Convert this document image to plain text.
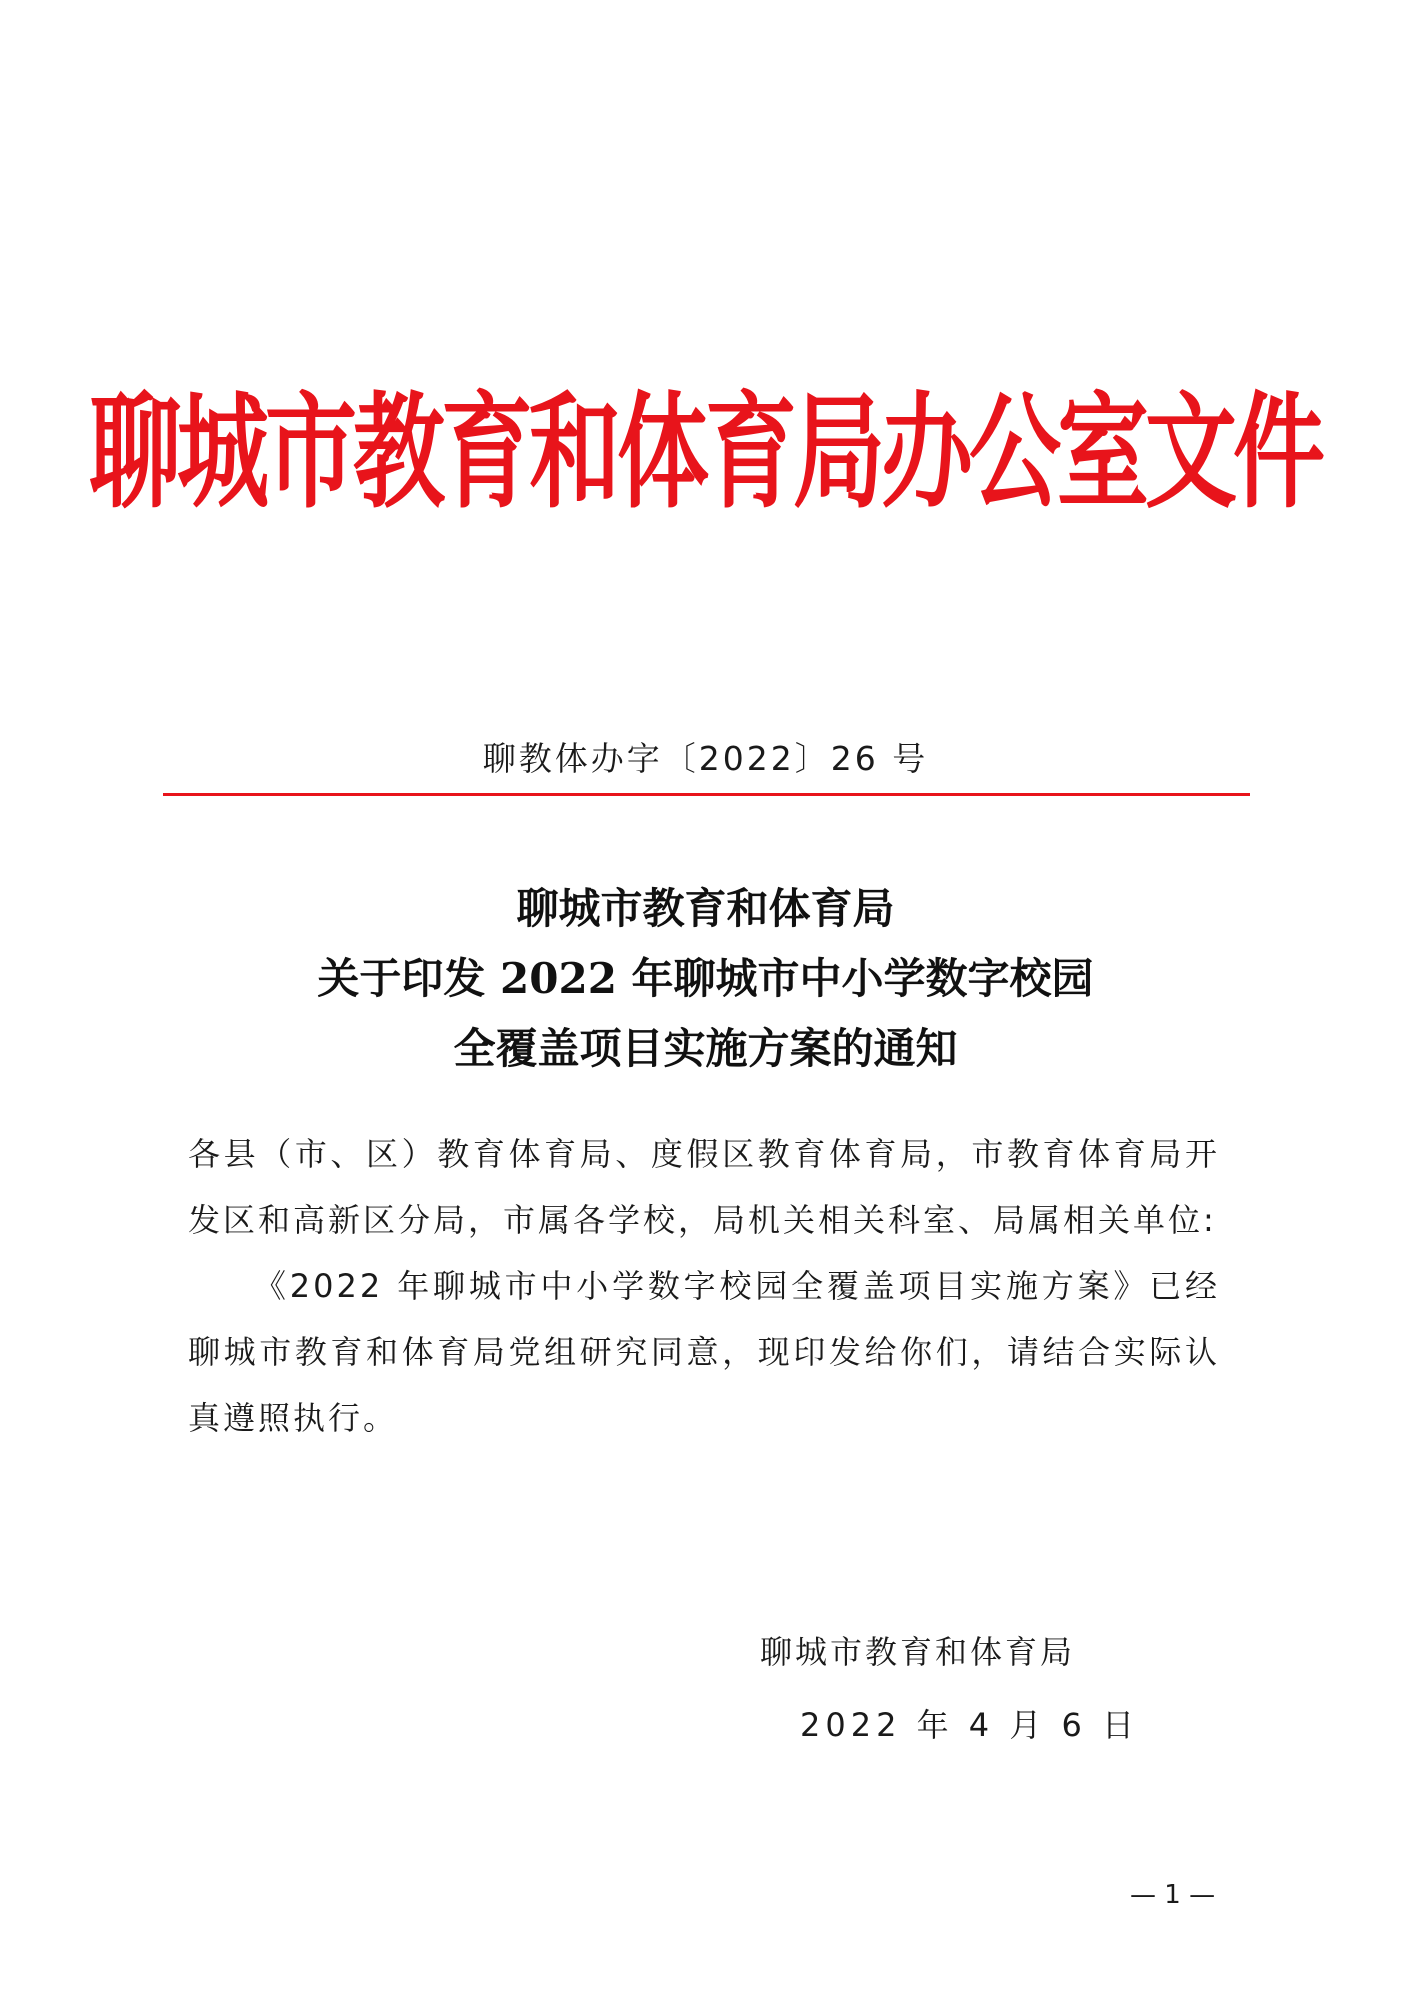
聊城市教育和体育局办公室文件
聊教体办字〔2022〕26 号
聊城市教育和体育局
关于印发 2022 年聊城市中小学数字校园
全覆盖项目实施方案的通知

各县（市、区）教育体育局、度假区教育体育局，市教育体育局开发区和高新区分局，市属各学校，局机关相关科室、局属相关单位:

《2022 年聊城市中小学数字校园全覆盖项目实施方案》已经聊城市教育和体育局党组研究同意，现印发给你们，请结合实际认真遵照执行。

聊城市教育和体育局
2022 年 4 月 6 日
— 1 —
